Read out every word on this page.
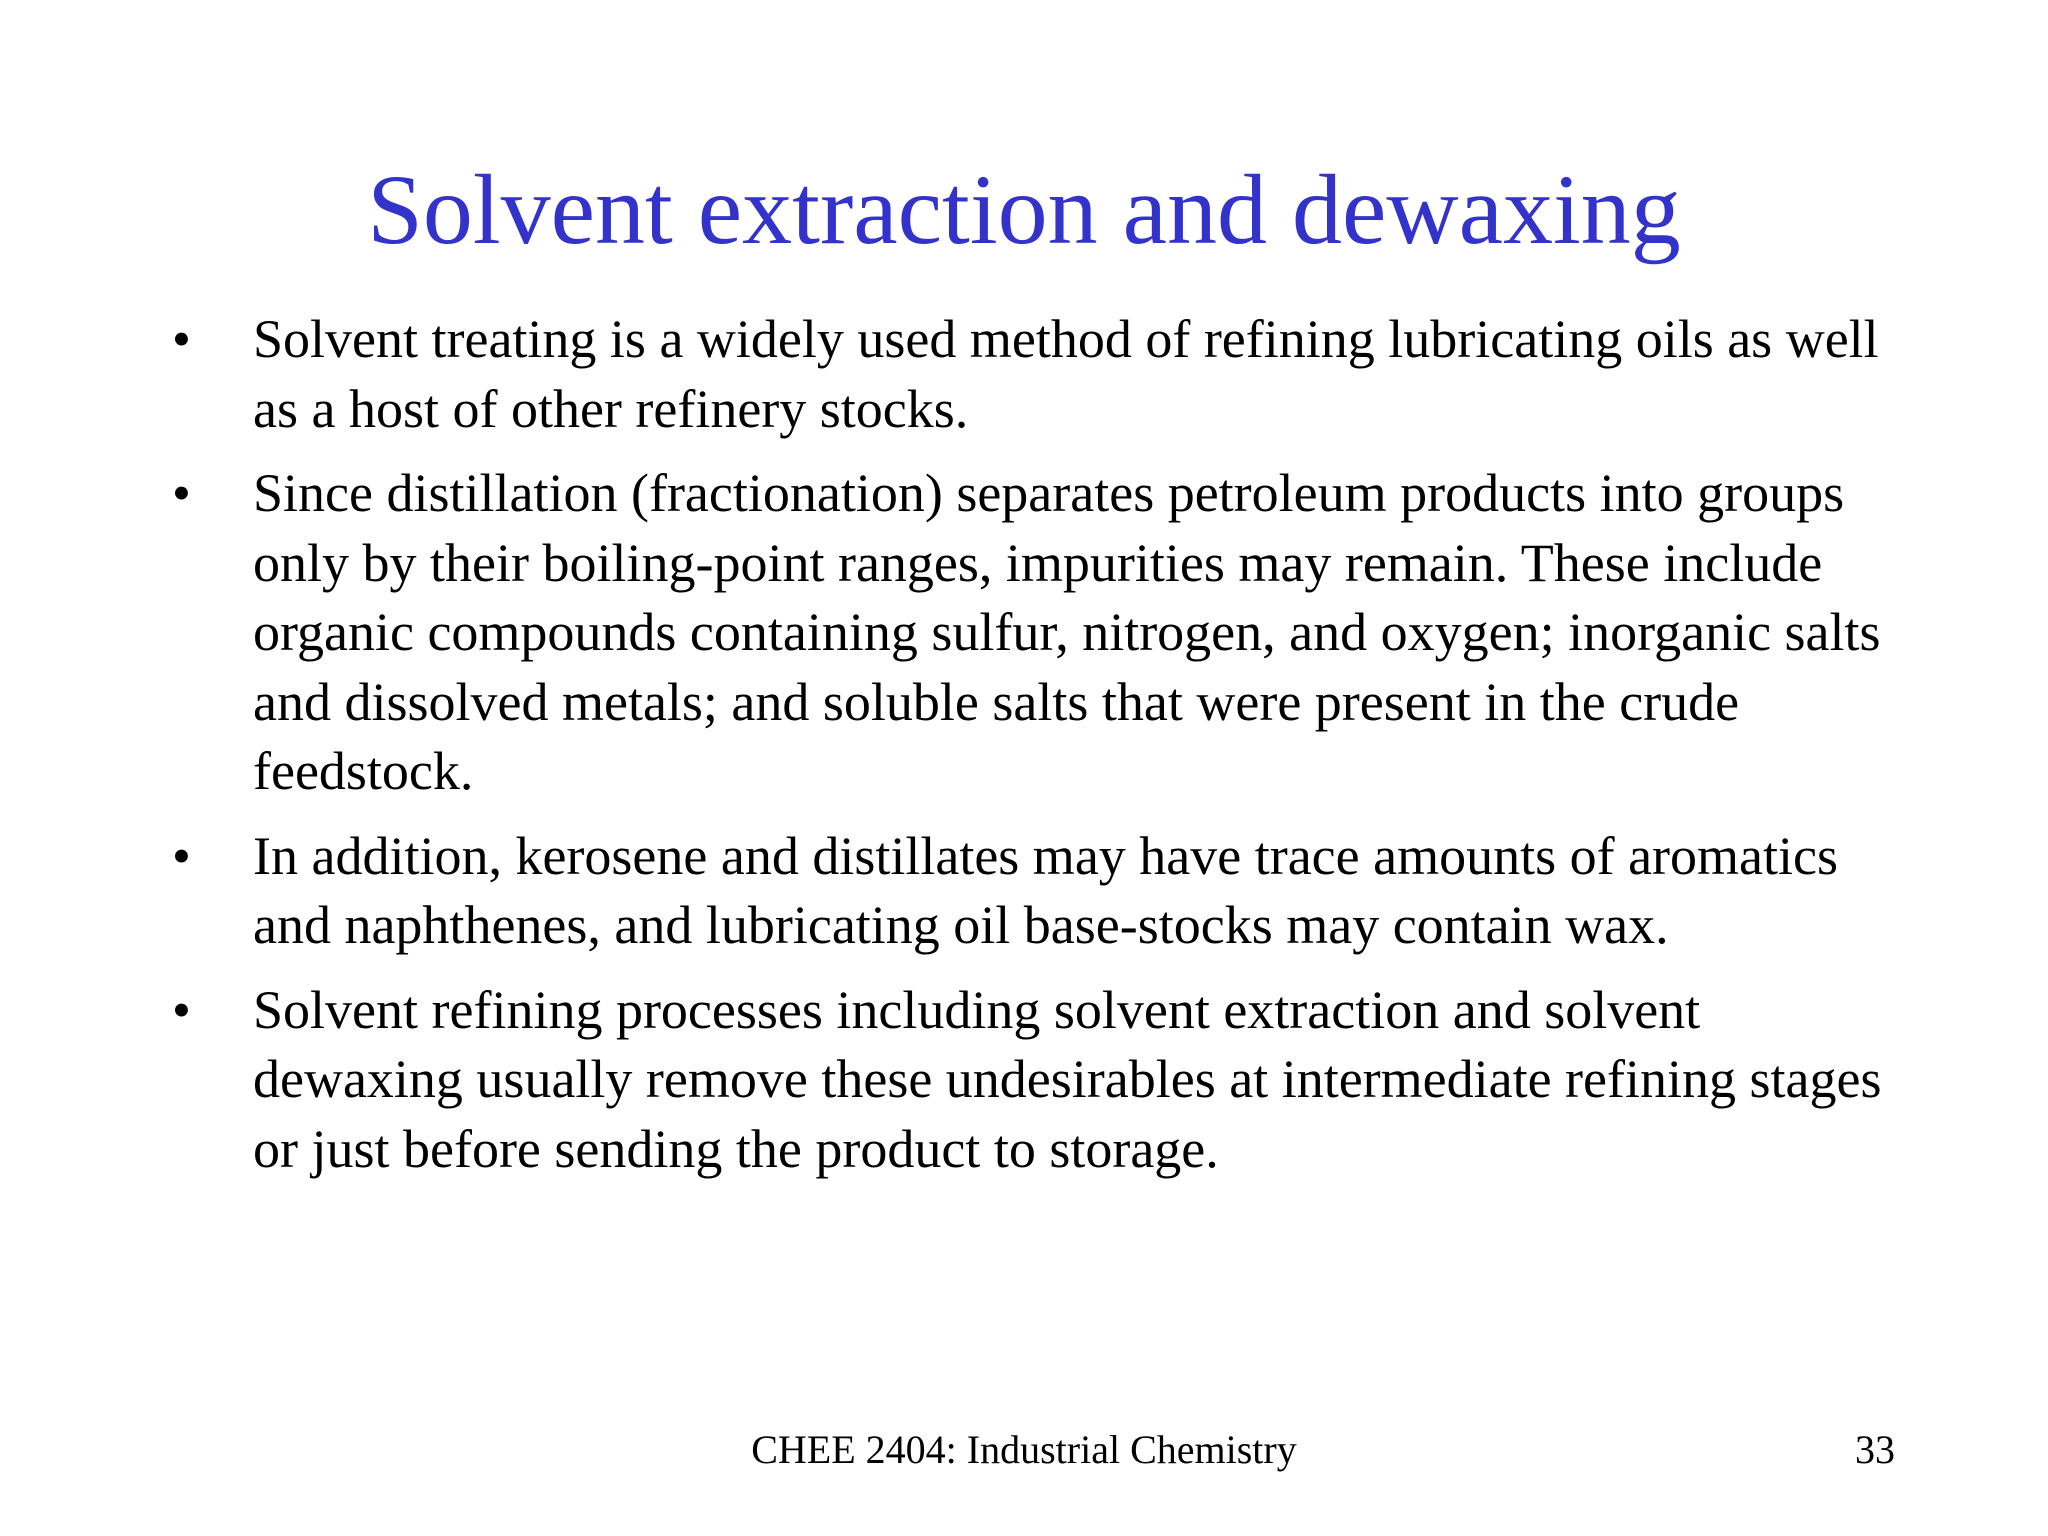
Solvent extraction and dewaxing
• Solvent treating is a widely used method of refining lubricating oils as well as a host of other refinery stocks.
• Since distillation (fractionation) separates petroleum products into groups only by their boiling-point ranges, impurities may remain. These include organic compounds containing sulfur, nitrogen, and oxygen; inorganic salts and dissolved metals; and soluble salts that were present in the crude feedstock.
• In addition, kerosene and distillates may have trace amounts of aromatics and naphthenes, and lubricating oil base-stocks may contain wax.
• Solvent refining processes including solvent extraction and solvent dewaxing usually remove these undesirables at intermediate refining stages or just before sending the product to storage.
CHEE 2404: Industrial Chemistry	33
